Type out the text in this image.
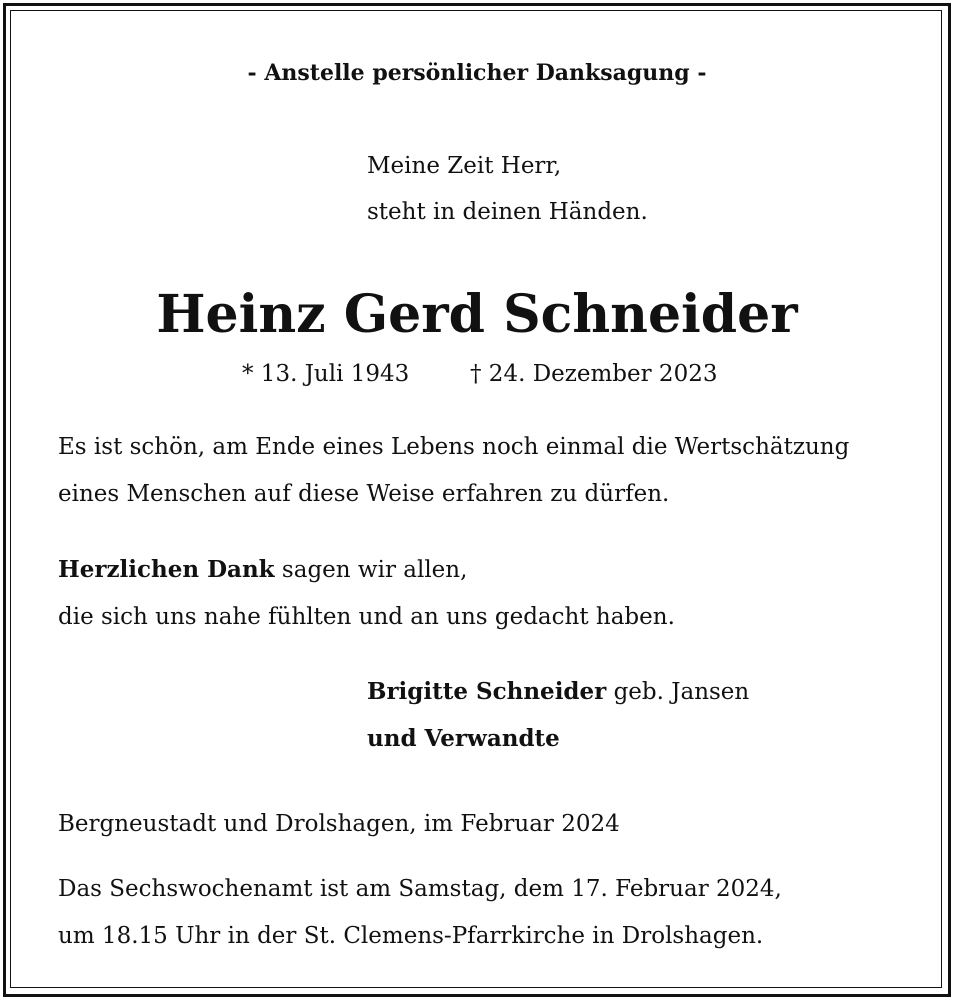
- Anstelle persönlicher Danksagung -
Meine Zeit Herr,
steht in deinen Händen.
Heinz Gerd Schneider
* 13. Juli 1943	† 24. Dezember 2023
Es ist schön, am Ende eines Lebens noch einmal die Wertschätzung
eines Menschen auf diese Weise erfahren zu dürfen.
Herzlichen Dank sagen wir allen,
die sich uns nahe fühlten und an uns gedacht haben.
Brigitte Schneider geb. Jansen
und Verwandte
Bergneustadt und Drolshagen, im Februar 2024
Das Sechswochenamt ist am Samstag, dem 17. Februar 2024,
um 18.15 Uhr in der St. Clemens-Pfarrkirche in Drolshagen.
